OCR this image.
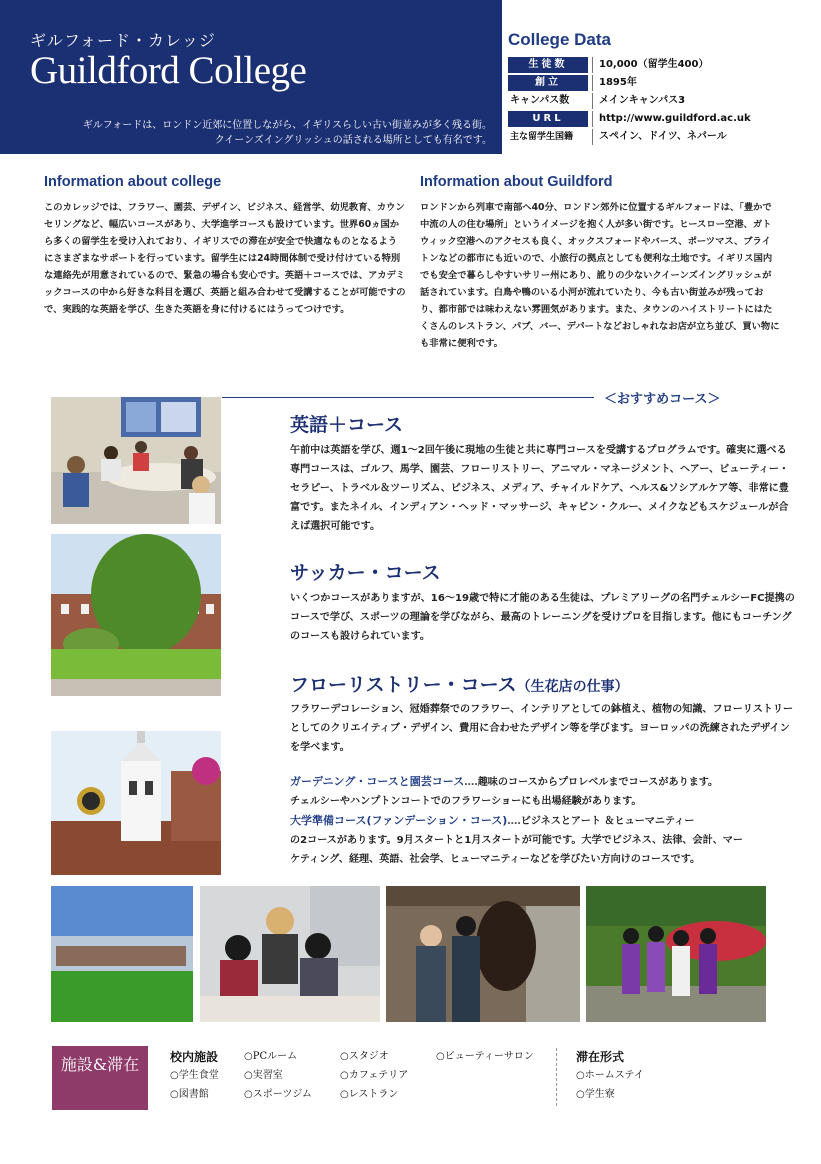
ギルフォード・カレッジ
Guildford College
ギルフォードは、ロンドン近郊に位置しながら、イギリスらしい古い街並みが多く残る街。
クイーンズイングリッシュの話される場所としても有名です。
College Data
生徒数	10,000（留学生400）
創立	1895年
キャンパス数	メインキャンパス3
URL	http://www.guildford.ac.uk
主な留学生国籍	スペイン、ドイツ、ネパール
Information about college

このカレッジでは、フラワー、園芸、デザイン、ビジネス、経営学、幼児教育、カウンセリングなど、幅広いコースがあり、大学進学コースも設けています。世界60ヵ国から多くの留学生を受け入れており、イギリスでの滞在が安全で快適なものとなるようにさまざまなサポートを行っています。留学生には24時間体制で受け付けている特別な連絡先が用意されているので、緊急の場合も安心です。英語＋コースでは、アカデミックコースの中から好きな科目を選び、英語と組み合わせて受講することが可能ですので、実践的な英語を学び、生きた英語を身に付けるにはうってつけです。

Information about Guildford

ロンドンから列車で南部へ40分、ロンドン郊外に位置するギルフォードは、「豊かで中流の人の住む場所」というイメージを抱く人が多い街です。ヒースロー空港、ガトウィック空港へのアクセスも良く、オックスフォードやバース、ポーツマス、ブライトンなどの都市にも近いので、小旅行の拠点としても便利な土地です。イギリス国内でも安全で暮らしやすいサリー州にあり、訛りの少ないクイーンズイングリッシュが話されています。白鳥や鴨のいる小河が流れていたり、今も古い街並みが残っており、都市部では味わえない雰囲気があります。また、タウンのハイストリートにはたくさんのレストラン、パブ、バー、デパートなどおしゃれなお店が立ち並び、買い物にも非常に便利です。

＜おすすめコース＞
英語＋コース

午前中は英語を学び、週1～2回午後に現地の生徒と共に専門コースを受講するプログラムです。確実に選べる専門コースは、ゴルフ、馬学、園芸、フローリストリー、アニマル・マネージメント、ヘアー、ビューティー・セラピー、トラベル＆ツーリズム、ビジネス、メディア、チャイルドケア、ヘルス&ソシアルケア等、非常に豊富です。またネイル、インディアン・ヘッド・マッサージ、キャビン・クルー、メイクなどもスケジュールが合えば選択可能です。

サッカー・コース

いくつかコースがありますが、16～19歳で特に才能のある生徒は、プレミアリーグの名門チェルシーFC提携のコースで学び、スポーツの理論を学びながら、最高のトレーニングを受けプロを目指します。他にもコーチングのコースも設けられています。

フローリストリー・コース（生花店の仕事）

フラワーデコレーション、冠婚葬祭でのフラワー、インテリアとしての鉢植え、植物の知識、フローリストリーとしてのクリエイティブ・デザイン、費用に合わせたデザイン等を学びます。ヨーロッパの洗練されたデザインを学べます。

ガーデニング・コースと園芸コース‥‥趣味のコースからプロレベルまでコースがあります。
チェルシーやハンプトンコートでのフラワーショーにも出場経験があります。
大学準備コース(ファンデーション・コース)‥‥ビジネスとアート ＆ヒューマニティー
の2コースがあります。9月スタートと1月スタートが可能です。大学でビジネス、法律、会計、マー
ケティング、経理、英語、社会学、ヒューマニティーなどを学びたい方向けのコースです。
施設&滞在	校内施設
○学生食堂
○図書館
○PCルーム
○実習室
○スポーツジム
○スタジオ
○カフェテリア
○レストラン
○ビューティーサロン	滞在形式
○ホームステイ
○学生寮
